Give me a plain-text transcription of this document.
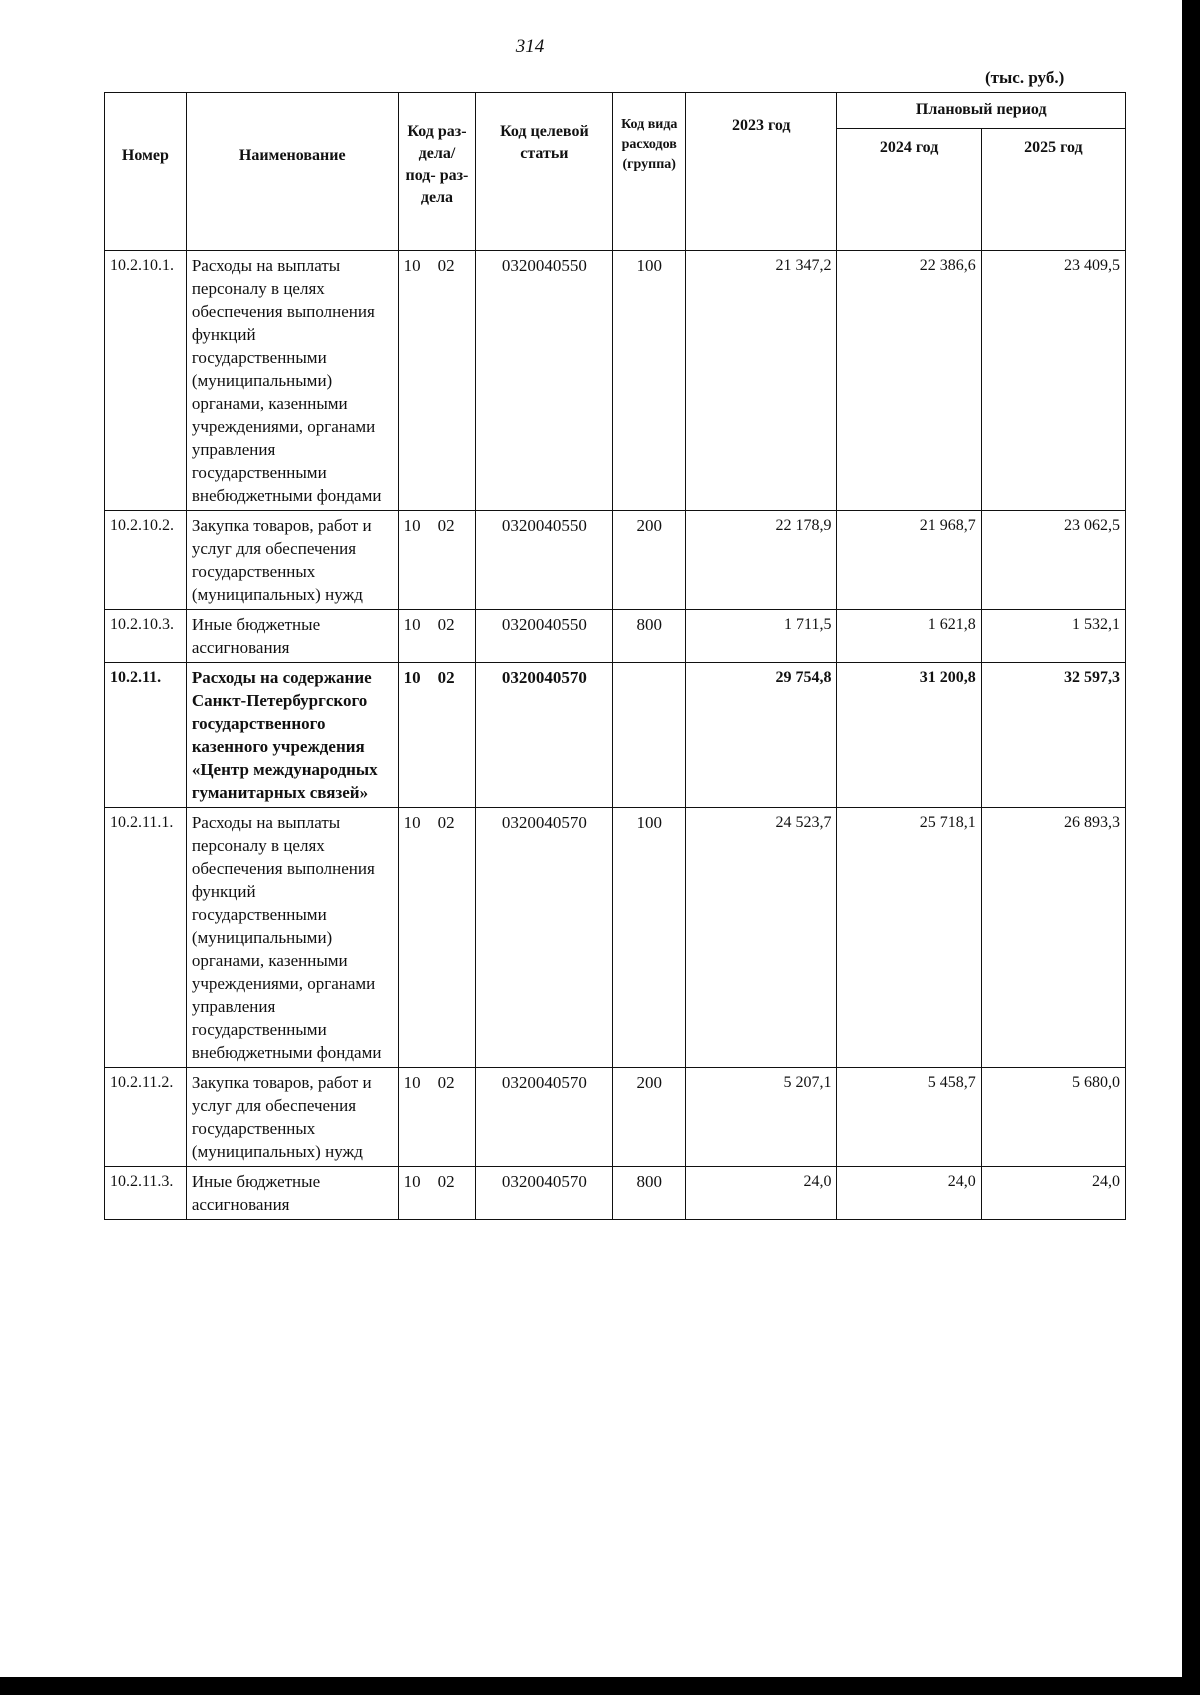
314
(тыс. руб.)
Номер	Наименование	Код раз- дела/ под- раз- дела	Код целевой статьи	Код вида расходов (группа)	2023 год	Плановый период	
						2024 год	2025 год
10.2.10.1.	Расходы на выплаты персоналу в целях обеспечения выполнения функций государственными (муниципальными) органами, казенными учреждениями, органами управления государственными внебюджетными фондами	10 02	0320040550	100	21 347,2	22 386,6	23 409,5
10.2.10.2.	Закупка товаров, работ и услуг для обеспечения государственных (муниципальных) нужд	10 02	0320040550	200	22 178,9	21 968,7	23 062,5
10.2.10.3.	Иные бюджетные ассигнования	10 02	0320040550	800	1 711,5	1 621,8	1 532,1
10.2.11.	Расходы на содержание Санкт-Петербургского государственного казенного учреждения «Центр международных гуманитарных связей»	10 02	0320040570		29 754,8	31 200,8	32 597,3
10.2.11.1.	Расходы на выплаты персоналу в целях обеспечения выполнения функций государственными (муниципальными) органами, казенными учреждениями, органами управления государственными внебюджетными фондами	10 02	0320040570	100	24 523,7	25 718,1	26 893,3
10.2.11.2.	Закупка товаров, работ и услуг для обеспечения государственных (муниципальных) нужд	10 02	0320040570	200	5 207,1	5 458,7	5 680,0
10.2.11.3.	Иные бюджетные ассигнования	10 02	0320040570	800	24,0	24,0	24,0
